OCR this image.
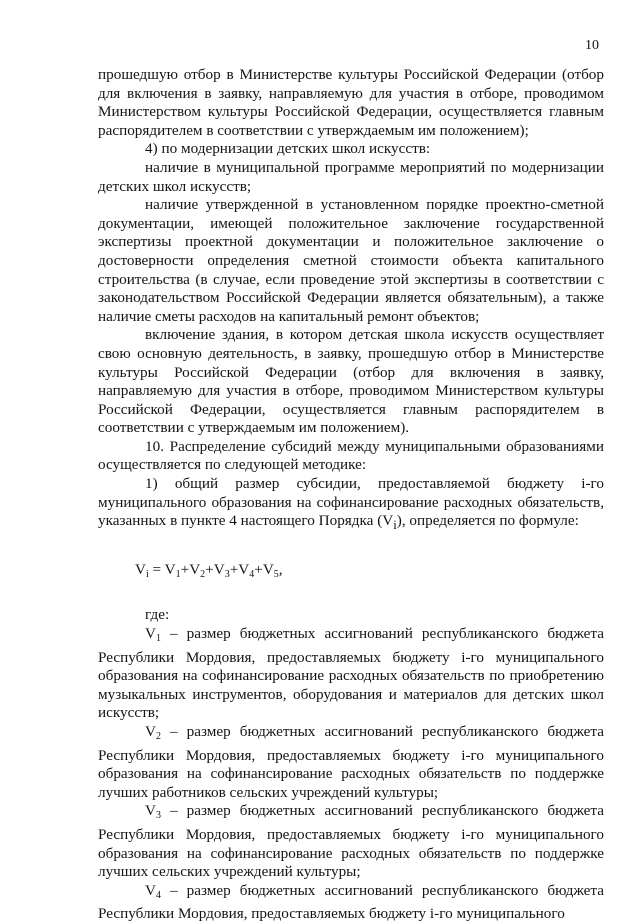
10

прошедшую отбор в Министерстве культуры Российской Федерации (отбор для включения в заявку, направляемую для участия в отборе, проводимом Министерством культуры Российской Федерации, осуществляется главным распорядителем в соответствии с утверждаемым им положением);

4) по модернизации детских школ искусств:

наличие в муниципальной программе мероприятий по модернизации детских школ искусств;

наличие утвержденной в установленном порядке проектно-сметной документации, имеющей положительное заключение государственной экспертизы проектной документации и положительное заключение о достоверности определения сметной стоимости объекта капитального строительства (в случае, если проведение этой экспертизы в соответствии с законодательством Российской Федерации является обязательным), а также наличие сметы расходов на капитальный ремонт объектов;

включение здания, в котором детская школа искусств осуществляет свою основную деятельность, в заявку, прошедшую отбор в Министерстве культуры Российской Федерации (отбор для включения в заявку, направляемую для участия в отборе, проводимом Министерством культуры Российской Федерации, осуществляется главным распорядителем в соответствии с утверждаемым им положением).

10. Распределение субсидий между муниципальными образованиями осуществляется по следующей методике:

1) общий размер субсидии, предоставляемой бюджету i-го муниципального образования на софинансирование расходных обязательств, указанных в пункте 4 настоящего Порядка $(V_i)$, определяется по формуле:

$V_i = V_1+V_2+V_3+V_4+V_5$,

где:

$V_1$ – размер бюджетных ассигнований республиканского бюджета Республики Мордовия, предоставляемых бюджету i-го муниципального образования на софинансирование расходных обязательств по приобретению музыкальных инструментов, оборудования и материалов для детских школ искусств;

$V_2$ – размер бюджетных ассигнований республиканского бюджета Республики Мордовия, предоставляемых бюджету i-го муниципального образования на софинансирование расходных обязательств по поддержке лучших работников сельских учреждений культуры;

$V_3$ – размер бюджетных ассигнований республиканского бюджета Республики Мордовия, предоставляемых бюджету i-го муниципального образования на софинансирование расходных обязательств по поддержке лучших сельских учреждений культуры;

$V_4$ – размер бюджетных ассигнований республиканского бюджета Республики Мордовия, предоставляемых бюджету i-го муниципального
